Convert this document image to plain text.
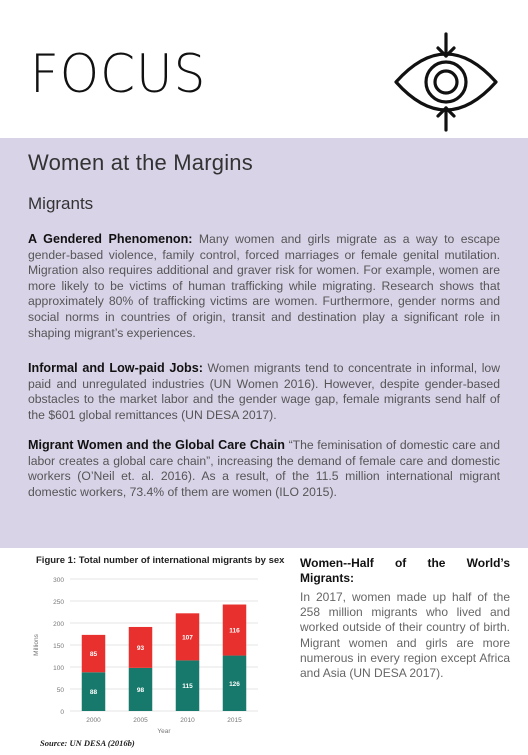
FOCUS
Women at the Margins
Migrants

A Gendered Phenomenon: Many women and girls migrate as a way to escape gender-based violence, family control, forced marriages or female genital mutilation. Migration also requires additional and graver risk for women. For example, women are more likely to be victims of human trafficking while migrating. Research shows that approximately 80% of trafficking victims are women. Furthermore, gender norms and social norms in countries of origin, transit and destination play a significant role in shaping migrant’s experiences.

Informal and Low-paid Jobs: Women migrants tend to concentrate in informal, low paid and unregulated industries (UN Women 2016). However, despite gender-based obstacles to the market labor and the gender wage gap, female migrants send half of the $601 global remittances (UN DESA 2017).

Migrant Women and the Global Care Chain “The feminisation of domestic care and labor creates a global care chain”, increasing the demand of female care and domestic workers (O’Neil et. al. 2016). As a result, of the 11.5 million international migrant domestic workers, 73.4% of them are women (ILO 2015).

Figure 1: Total number of international migrants by sex

0
50
100
150
200
250
300
Millions
88
85
2000
98
93
2005
115
107
2010
126
116
2015
Year
Source: UN DESA (2016b)

Women--Half of the World’s Migrants:

In 2017, women made up half of the 258 million migrants who lived and worked outside of their country of birth. Migrant women and girls are more numerous in every region except Africa and Asia (UN DESA 2017).
